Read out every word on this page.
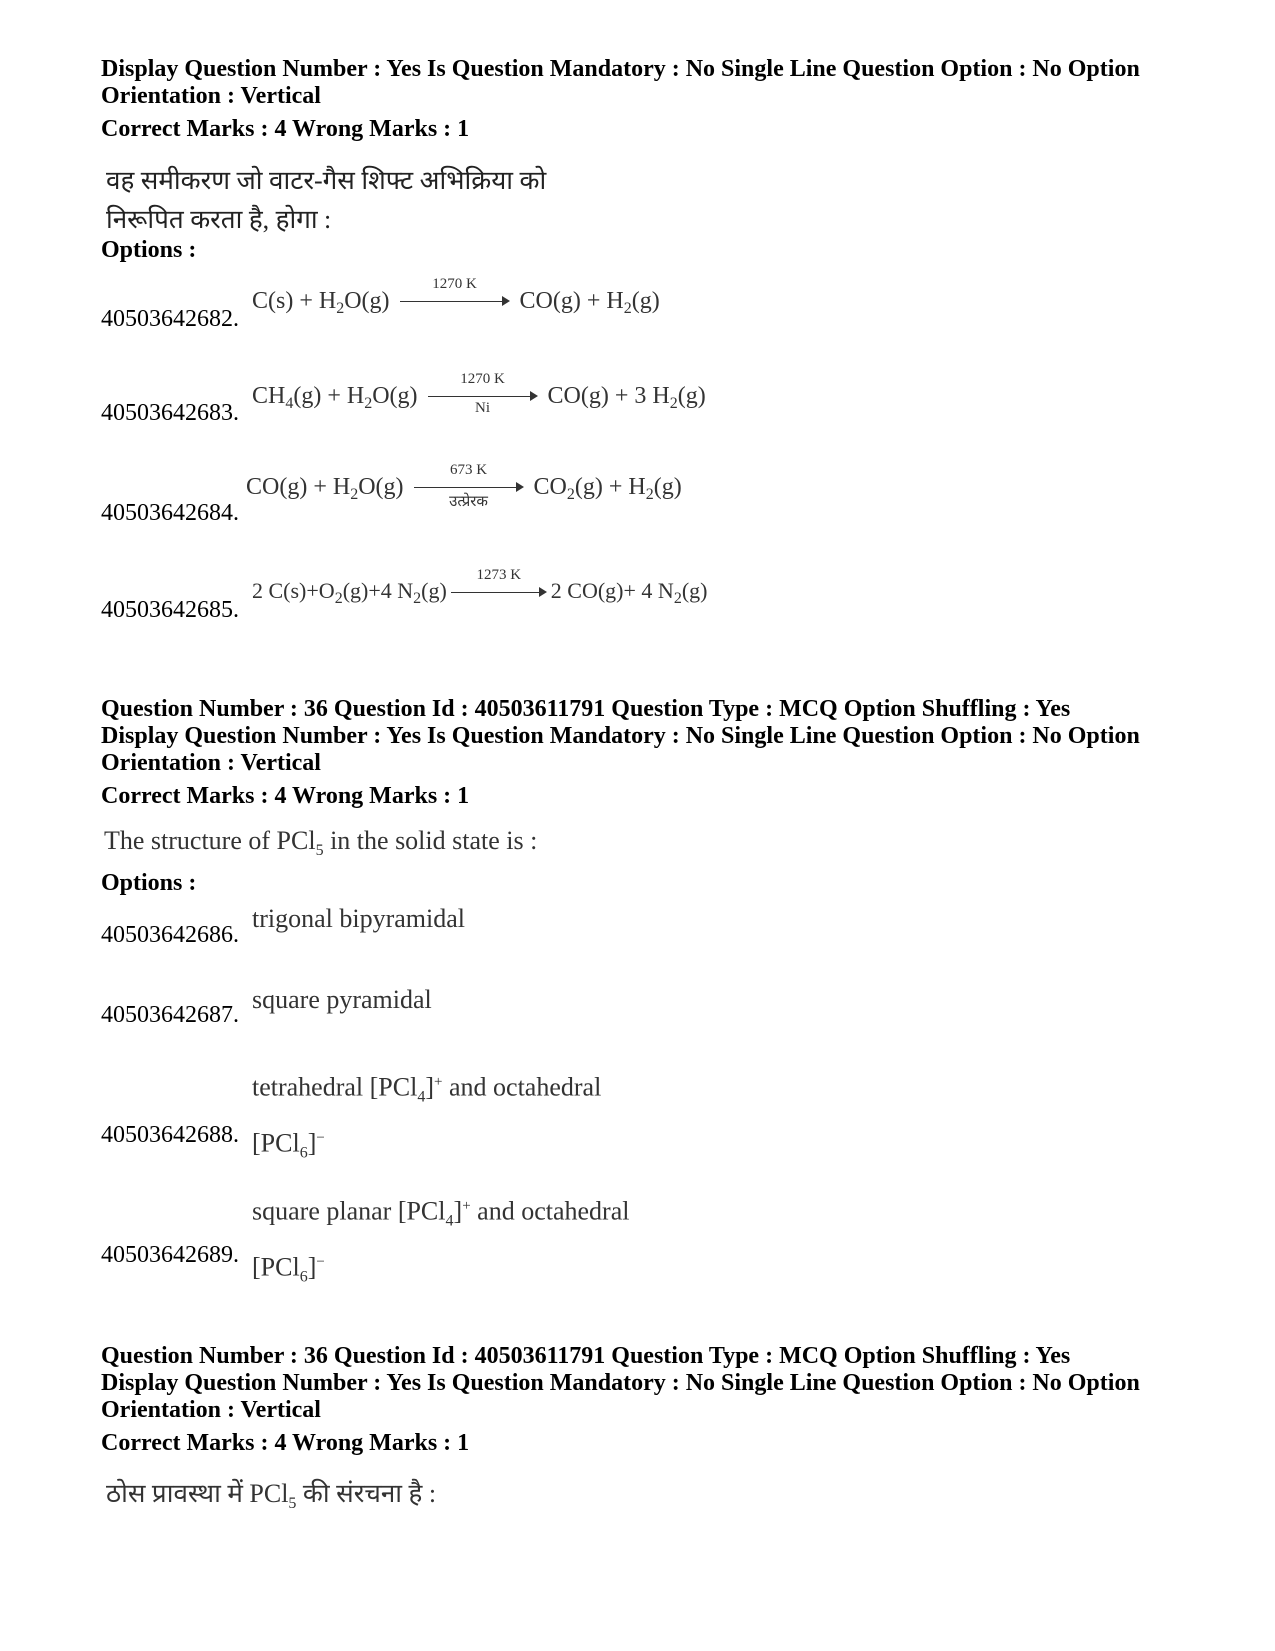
Display Question Number : Yes Is Question Mandatory : No Single Line Question Option : No Option
Orientation : Vertical
Correct Marks : 4 Wrong Marks : 1
वह समीकरण जो वाटर-गैस शिफ्ट अभिक्रिया को
निरूपित करता है, होगा :
Options :
40503642682.
$C(s) + H_2O(g)$
1270 K
$CO(g) + H_2(g)$
40503642683.
$CH_4(g) + H_2O(g) \frac{1270 K}{Ni} CO(g) + 3$ $H_2(g)$
40503642684.
$CO(g) + H_2O(g)$
673 K
उत्प्रेरक
$CO_2(g) + H_2(g)$
40503642685.
2 $C(s)+O_2(g)+4$ $N_2(g)$
1273 K
2 CO(g)+ 4 $N_2(g)$
Question Number : 36 Question Id : 40503611791 Question Type : MCQ Option Shuffling : Yes
Display Question Number : Yes Is Question Mandatory : No Single Line Question Option : No Option
Orientation : Vertical
Correct Marks : 4 Wrong Marks : 1
The structure of PCl$_5$ in the solid state is :
Options :
40503642686.
trigonal bipyramidal
40503642687.
square pyramidal
40503642688.
tetrahedral [PCl$_4$]+ and octahedral
[PCl$_6$]−
40503642689.
square planar [PCl$_4$]+ and octahedral
[PCl$_6$]−
Question Number : 36 Question Id : 40503611791 Question Type : MCQ Option Shuffling : Yes
Display Question Number : Yes Is Question Mandatory : No Single Line Question Option : No Option
Orientation : Vertical
Correct Marks : 4 Wrong Marks : 1
ठोस प्रावस्था में PCl$_5$ की संरचना है :
